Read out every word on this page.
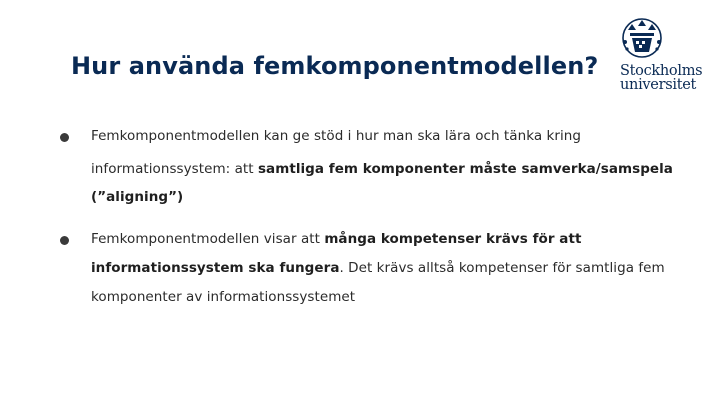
Hur använda femkomponentmodellen? Stockholms
universitet
Femkomponentmodellen kan ge stöd i hur man ska lära och tänka kring
informationssystem: att samtliga fem komponenter måste samverka/samspela
(”aligning”)
Femkomponentmodellen visar att många kompetenser krävs för att
informationssystem ska fungera. Det krävs alltså kompetenser för samtliga fem
komponenter av informationssystemet
